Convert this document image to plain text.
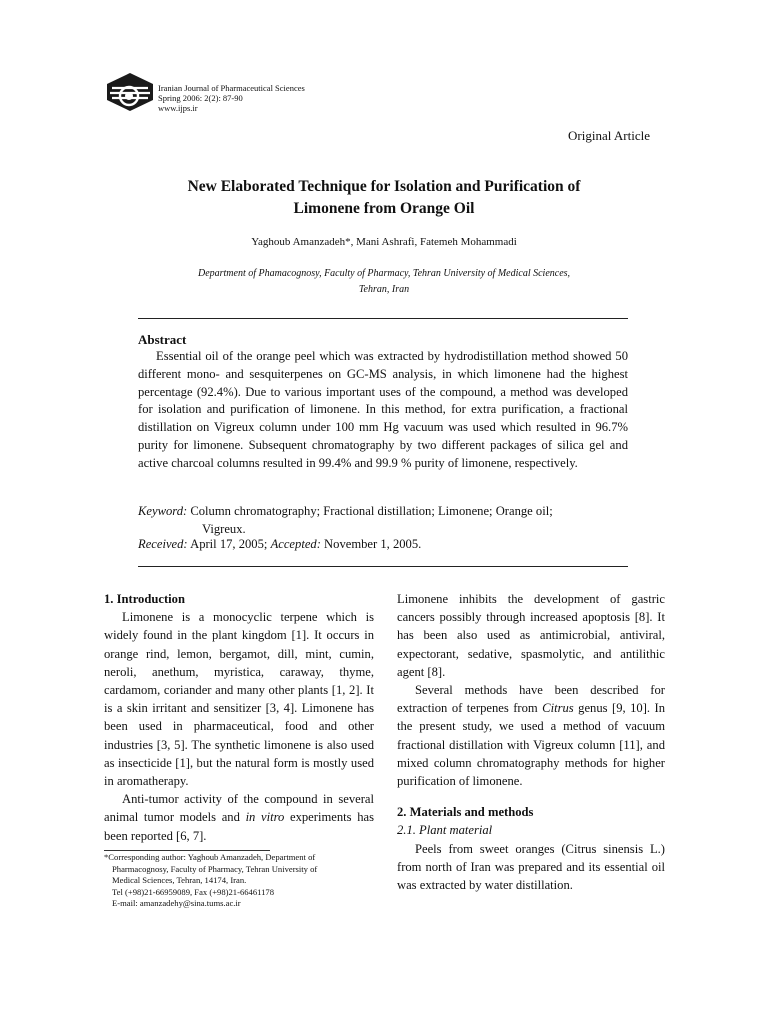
Iranian Journal of Pharmaceutical Sciences
Spring 2006: 2(2): 87-90
www.ijps.ir
Original Article
New Elaborated Technique for Isolation and Purification of
Limonene from Orange Oil
Yaghoub Amanzadeh*, Mani Ashrafi, Fatemeh Mohammadi
Department of Phamacognosy, Faculty of Pharmacy, Tehran University of Medical Sciences,
Tehran, Iran
Abstract
Essential oil of the orange peel which was extracted by hydrodistillation method showed 50 different mono- and sesquiterpenes on GC-MS analysis, in which limonene had the highest percentage (92.4%). Due to various important uses of the compound, a method was developed for isolation and purification of limonene. In this method, for extra purification, a fractional distillation on Vigreux column under 100 mm Hg vacuum was used which resulted in 96.7% purity for limonene. Subsequent chromatography by two different packages of silica gel and active charcoal columns resulted in 99.4% and 99.9 % purity of limonene, respectively.
Keyword: Column chromatography; Fractional distillation; Limonene; Orange oil;
Vigreux.
Received: April 17, 2005; Accepted: November 1, 2005.
1. Introduction

Limonene is a monocyclic terpene which is widely found in the plant kingdom [1]. It occurs in orange rind, lemon, bergamot, dill, mint, cumin, neroli, anethum, myristica, caraway, thyme, cardamom, coriander and many other plants [1, 2]. It is a skin irritant and sensitizer [3, 4]. Limonene has been used in pharmaceutical, food and other industries [3, 5]. The synthetic limonene is also used as insecticide [1], but the natural form is mostly used in aromatherapy.

Anti-tumor activity of the compound in several animal tumor models and in vitro experiments has been reported [6, 7].

*Corresponding author: Yaghoub Amanzadeh, Department of
Pharmacognosy, Faculty of Pharmacy, Tehran University of
Medical Sciences, Tehran, 14174, Iran.
Tel (+98)21-66959089, Fax (+98)21-66461178
E-mail: amanzadehy@sina.tums.ac.ir

Limonene inhibits the development of gastric cancers possibly through increased apoptosis [8]. It has been also used as antimicrobial, antiviral, expectorant, sedative, spasmolytic, and antilithic agent [8].

Several methods have been described for extraction of terpenes from Citrus genus [9, 10]. In the present study, we used a method of vacuum fractional distillation with Vigreux column [11], and mixed column chromatography methods for higher purification of limonene.

2. Materials and methods
2.1. Plant material

Peels from sweet oranges (Citrus sinensis L.) from north of Iran was prepared and its essential oil was extracted by water distillation.
